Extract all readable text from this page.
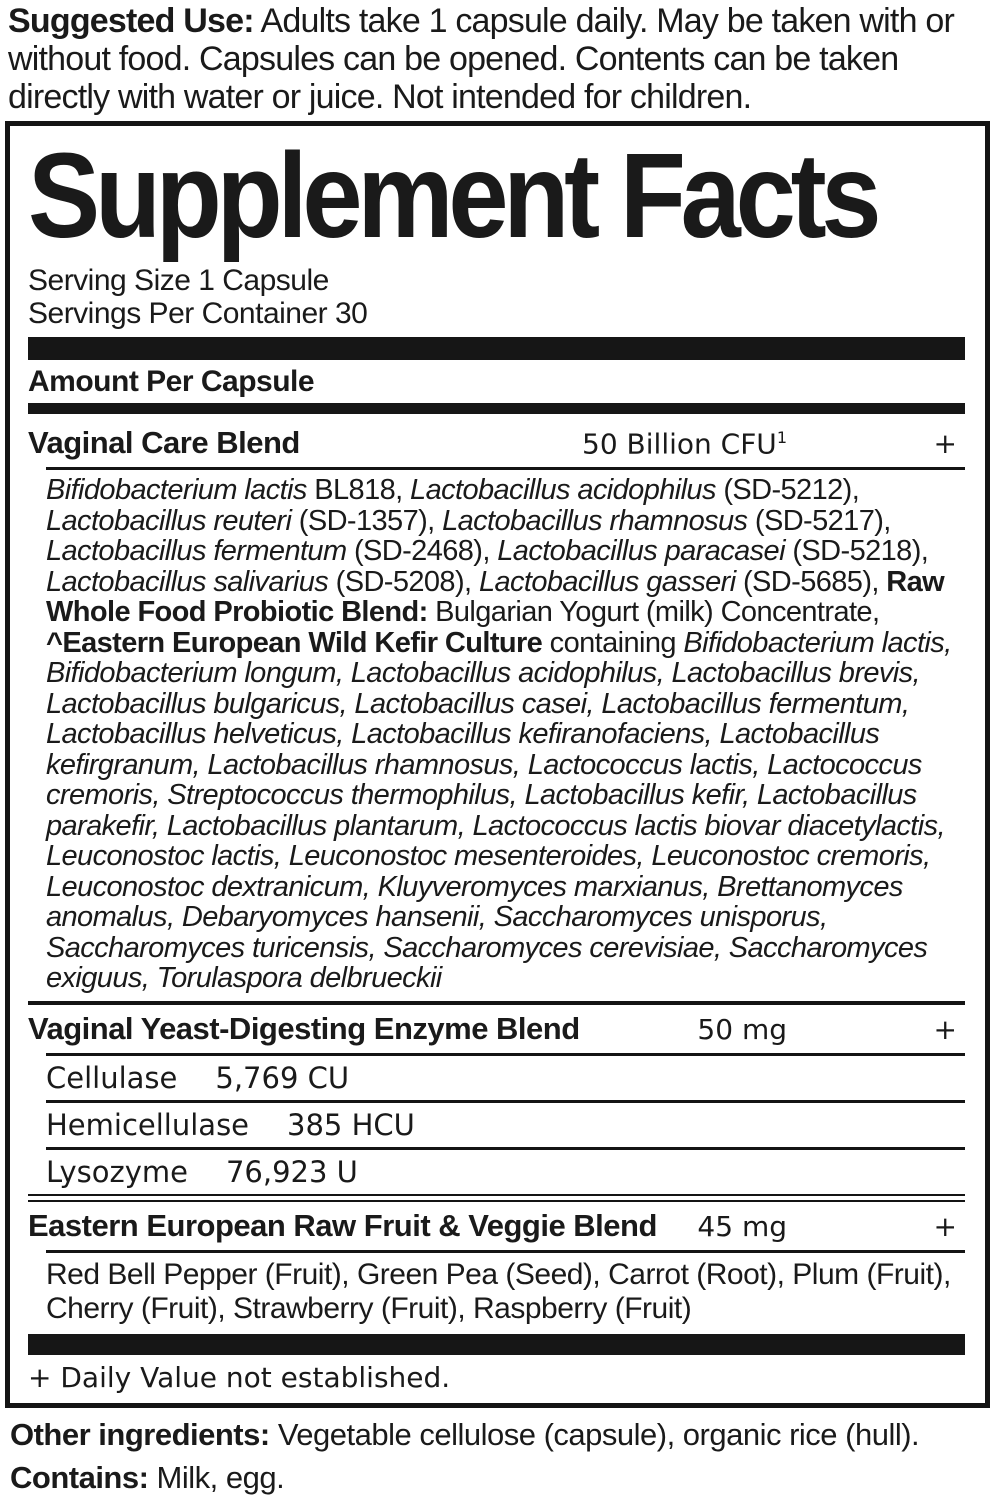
Suggested Use: Adults take 1 capsule daily. May be taken with or without food. Capsules can be opened. Contents can be taken directly with water or juice. Not intended for children.

Supplement Facts
Serving Size 1 Capsule
Servings Per Container 30
Amount Per Capsule
Vaginal Care Blend	50 Billion $CFU^1$	+

Bifidobacterium lactis BL818, Lactobacillus acidophilus (SD-5212), Lactobacillus reuteri (SD-1357), Lactobacillus rhamnosus (SD-5217), Lactobacillus fermentum (SD-2468), Lactobacillus paracasei (SD-5218), Lactobacillus salivarius (SD-5208), Lactobacillus gasseri (SD-5685), Raw Whole Food Probiotic Blend: Bulgarian Yogurt (milk) Concentrate, ^Eastern European Wild Kefir Culture containing Bifidobacterium lactis, Bifidobacterium longum, Lactobacillus acidophilus, Lactobacillus brevis, Lactobacillus bulgaricus, Lactobacillus casei, Lactobacillus fermentum, Lactobacillus helveticus, Lactobacillus kefiranofaciens, Lactobacillus kefirgranum, Lactobacillus rhamnosus, Lactococcus lactis, Lactococcus cremoris, Streptococcus thermophilus, Lactobacillus kefir, Lactobacillus parakefir, Lactobacillus plantarum, Lactococcus lactis biovar diacetylactis, Leuconostoc lactis, Leuconostoc mesenteroides, Leuconostoc cremoris, Leuconostoc dextranicum, Kluyveromyces marxianus, Brettanomyces anomalus, Debaryomyces hansenii, Saccharomyces unisporus, Saccharomyces turicensis, Saccharomyces cerevisiae, Saccharomyces exiguus, Torulaspora delbrueckii

Vaginal Yeast-Digesting Enzyme Blend	50 mg	+
Cellulase 5,769 CU
Hemicellulase 385 HCU
Lysozyme 76,923 U
Eastern European Raw Fruit & Veggie Blend	45 mg	+

Red Bell Pepper (Fruit), Green Pea (Seed), Carrot (Root), Plum (Fruit), Cherry (Fruit), Strawberry (Fruit), Raspberry (Fruit)

+ Daily Value not established.

Other ingredients: Vegetable cellulose (capsule), organic rice (hull).

Contains: Milk, egg.
